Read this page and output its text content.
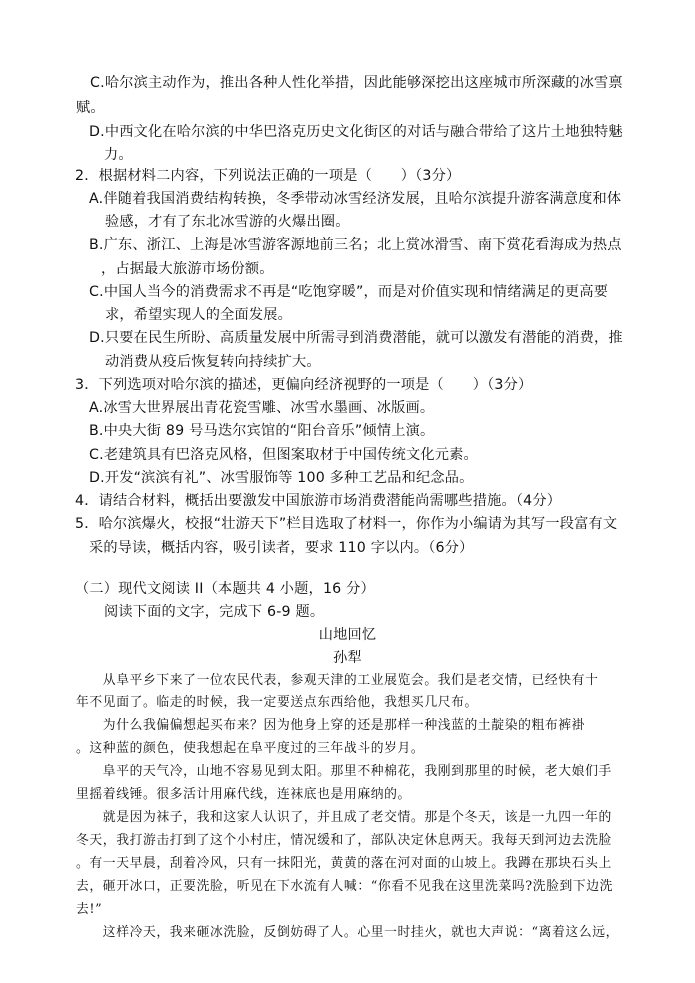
C.哈尔滨主动作为，推出各种人性化举措，因此能够深挖出这座城市所深藏的冰雪禀
赋。
D.中西文化在哈尔滨的中华巴洛克历史文化街区的对话与融合带给了这片土地独特魅
力。
2．根据材料二内容，下列说法正确的一项是（　　）（3分）
A.伴随着我国消费结构转换，冬季带动冰雪经济发展，且哈尔滨提升游客满意度和体
验感，才有了东北冰雪游的火爆出圈。
B.广东、浙江、上海是冰雪游客源地前三名；北上赏冰滑雪、南下赏花看海成为热点
，占据最大旅游市场份额。
C.中国人当今的消费需求不再是“吃饱穿暖”，而是对价值实现和情绪满足的更高要
求，希望实现人的全面发展。
D.只要在民生所盼、高质量发展中所需寻到消费潜能，就可以激发有潜能的消费，推
动消费从疫后恢复转向持续扩大。
3．下列选项对哈尔滨的描述，更偏向经济视野的一项是（　　）（3分）
A.冰雪大世界展出青花瓷雪雕、冰雪水墨画、冰版画。
B.中央大街 89 号马迭尔宾馆的“阳台音乐”倾情上演。
C.老建筑具有巴洛克风格，但图案取材于中国传统文化元素。
D.开发“滨滨有礼”、冰雪服饰等 100 多种工艺品和纪念品。
4．请结合材料，概括出要激发中国旅游市场消费潜能尚需哪些措施。（4分）
5．哈尔滨爆火，校报“壮游天下”栏目选取了材料一，你作为小编请为其写一段富有文
采的导读，概括内容，吸引读者，要求 110 字以内。（6分）
（二）现代文阅读 II（本题共 4 小题，16 分）
阅读下面的文字，完成下 6-9 题。
山地回忆
孙犁
　　从阜平乡下来了一位农民代表，参观天津的工业展览会。我们是老交情，已经快有十
年不见面了。临走的时候，我一定要送点东西给他，我想买几尺布。
　　为什么我偏偏想起买布来？因为他身上穿的还是那样一种浅蓝的土靛染的粗布裤褂
。这种蓝的颜色，使我想起在阜平度过的三年战斗的岁月。
　　阜平的天气冷，山地不容易见到太阳。那里不种棉花，我刚到那里的时候，老大娘们手
里摇着线锤。很多活计用麻代线，连袜底也是用麻纳的。
　　就是因为袜子，我和这家人认识了，并且成了老交情。那是个冬天，该是一九四一年的
冬天，我打游击打到了这个小村庄，情况缓和了，部队决定休息两天。我每天到河边去洗脸
。有一天早晨，刮着冷风，只有一抹阳光，黄黄的落在河对面的山坡上。我蹲在那块石头上
去，砸开冰口，正要洗脸，听见在下水流有人喊：“你看不见我在这里洗菜吗?洗脸到下边洗
去!”
　　这样冷天，我来砸冰洗脸，反倒妨碍了人。心里一时挂火，就也大声说：“离着这么远，
